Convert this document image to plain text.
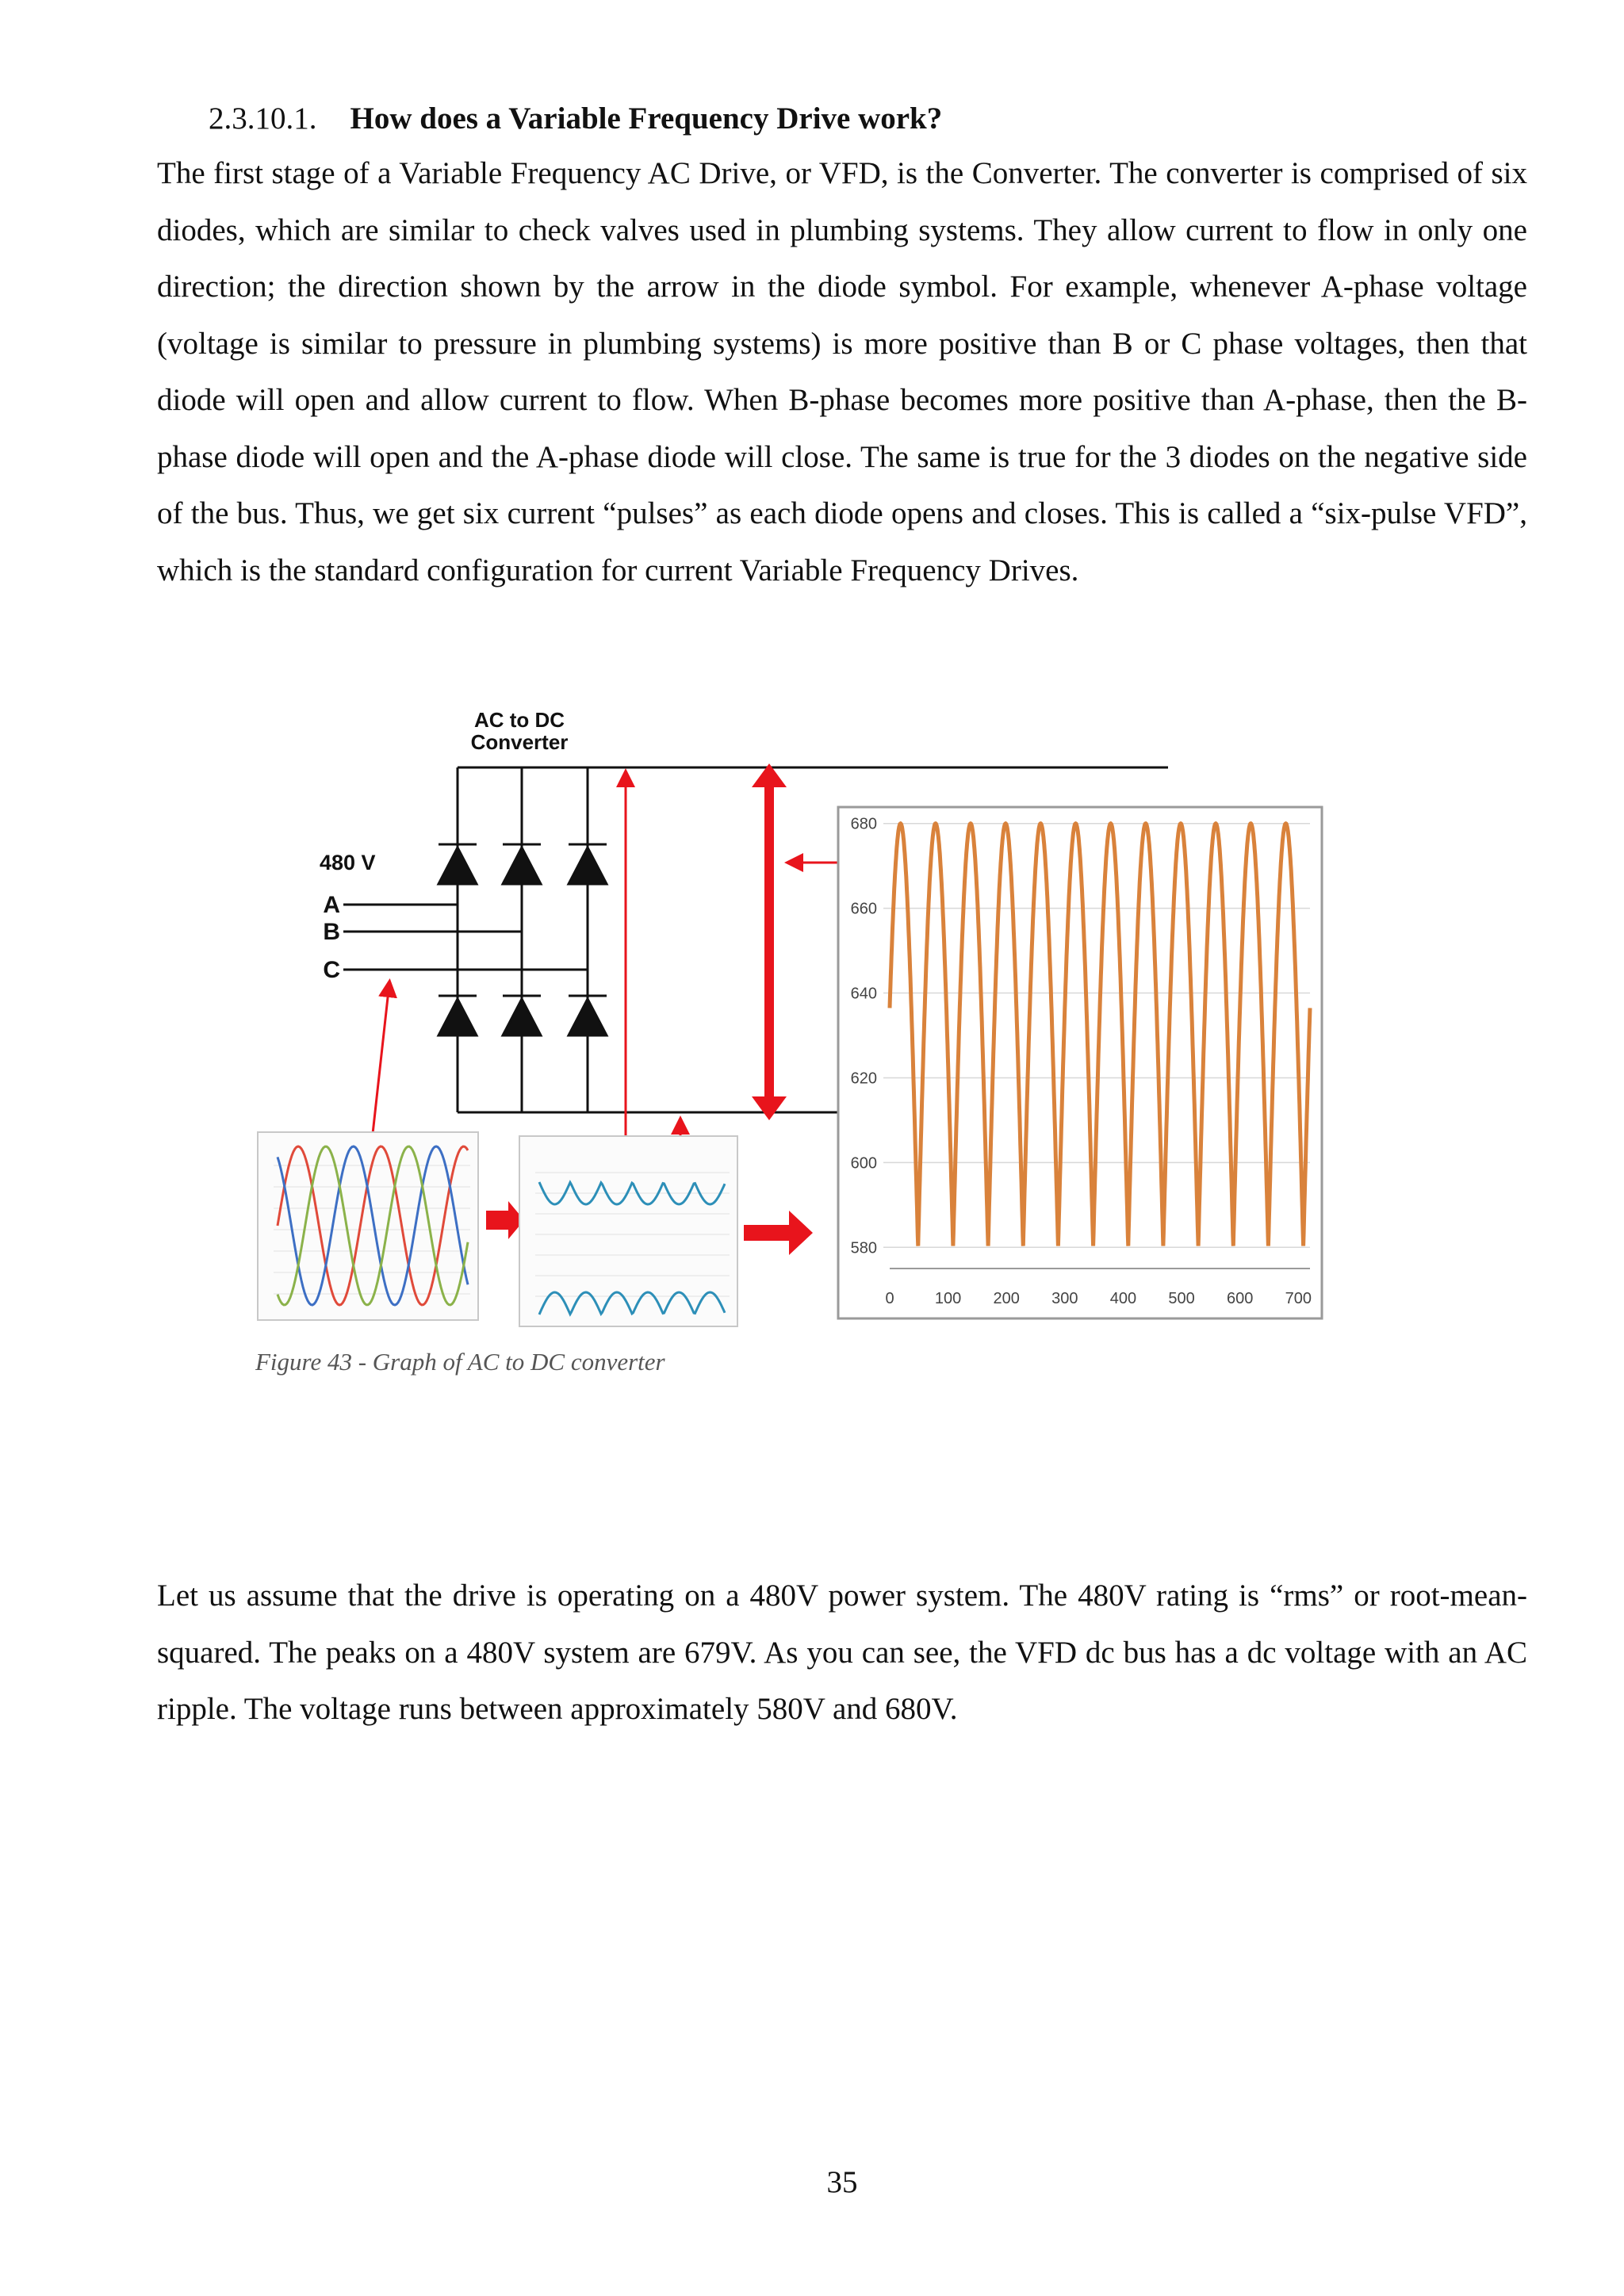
2.3.10.1. How does a Variable Frequency Drive work?

The first stage of a Variable Frequency AC Drive, or VFD, is the Converter. The converter is comprised of six diodes, which are similar to check valves used in plumbing systems. They allow current to flow in only one direction; the direction shown by the arrow in the diode symbol. For example, whenever A-phase voltage (voltage is similar to pressure in plumbing systems) is more positive than B or C phase voltages, then that diode will open and allow current to flow. When B-phase becomes more positive than A-phase, then the B-phase diode will open and the A-phase diode will close. The same is true for the 3 diodes on the negative side of the bus. Thus, we get six current “pulses” as each diode opens and closes. This is called a “six-pulse VFD”, which is the standard configuration for current Variable Frequency Drives.

AC to DC
Converter
480 V
A
B
C
580
600
620
640
660
680
0	100 200 300 400 500 600 700
Figure 43 - Graph of AC to DC converter

Let us assume that the drive is operating on a 480V power system. The 480V rating is “rms” or root-mean-squared. The peaks on a 480V system are 679V. As you can see, the VFD dc bus has a dc voltage with an AC ripple. The voltage runs between approximately 580V and 680V.

35
